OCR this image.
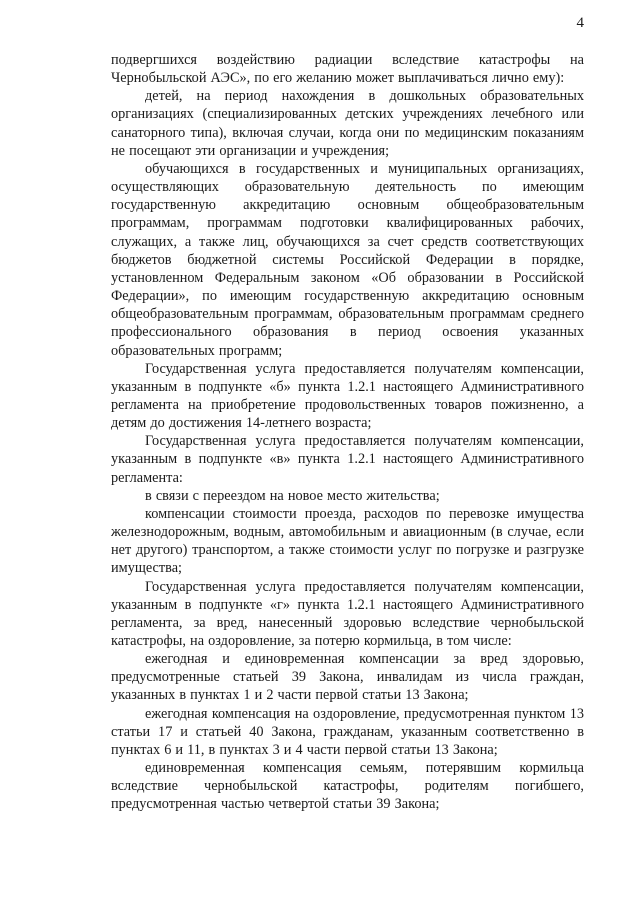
4

подвергшихся воздействию радиации вследствие катастрофы на Чернобыльской АЭС», по его желанию может выплачиваться лично ему):

детей, на период нахождения в дошкольных образовательных организациях (специализированных детских учреждениях лечебного или санаторного типа), включая случаи, когда они по медицинским показаниям не посещают эти организации и учреждения;

обучающихся в государственных и муниципальных организациях, осуществляющих образовательную деятельность по имеющим государственную аккредитацию основным общеобразовательным программам, программам подготовки квалифицированных рабочих, служащих, а также лиц, обучающихся за счет средств соответствующих бюджетов бюджетной системы Российской Федерации в порядке, установленном Федеральным законом «Об образовании в Российской Федерации», по имеющим государственную аккредитацию основным общеобразовательным программам, образовательным программам среднего профессионального образования в период освоения указанных образовательных программ;

Государственная услуга предоставляется получателям компенсации, указанным в подпункте «б» пункта 1.2.1 настоящего Административного регламента на приобретение продовольственных товаров пожизненно, а детям до достижения 14-летнего возраста;

Государственная услуга предоставляется получателям компенсации, указанным в подпункте «в» пункта 1.2.1 настоящего Административного регламента:

в связи с переездом на новое место жительства;

компенсации стоимости проезда, расходов по перевозке имущества железнодорожным, водным, автомобильным и авиационным (в случае, если нет другого) транспортом, а также стоимости услуг по погрузке и разгрузке имущества;

Государственная услуга предоставляется получателям компенсации, указанным в подпункте «г» пункта 1.2.1 настоящего Административного регламента, за вред, нанесенный здоровью вследствие чернобыльской катастрофы, на оздоровление, за потерю кормильца, в том числе:

ежегодная и единовременная компенсации за вред здоровью, предусмотренные статьей 39 Закона, инвалидам из числа граждан, указанных в пунктах 1 и 2 части первой статьи 13 Закона;

ежегодная компенсация на оздоровление, предусмотренная пунктом 13 статьи 17 и статьей 40 Закона, гражданам, указанным соответственно в пунктах 6 и 11, в пунктах 3 и 4 части первой статьи 13 Закона;

единовременная компенсация семьям, потерявшим кормильца вследствие чернобыльской катастрофы, родителям погибшего, предусмотренная частью четвертой статьи 39 Закона;
